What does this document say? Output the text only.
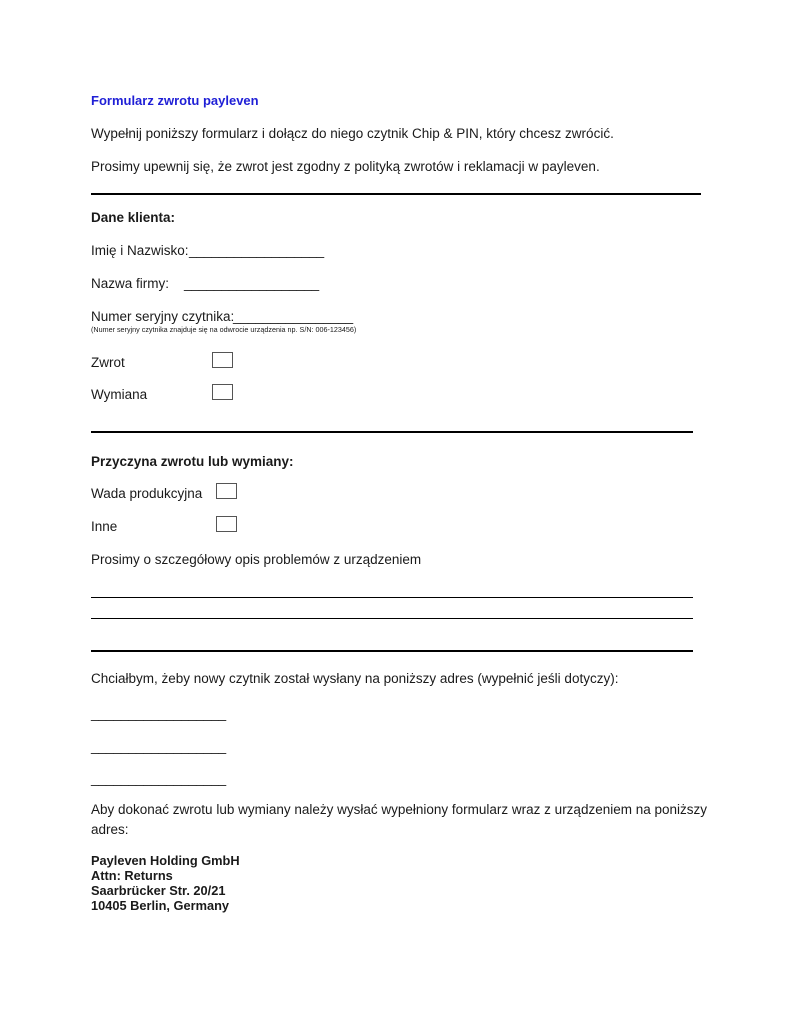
Formularz zwrotu payleven
Wypełnij poniższy formularz i dołącz do niego czytnik Chip & PIN, który chcesz zwrócić.
Prosimy upewnij się, że zwrot jest zgodny z polityką zwrotów i reklamacji w payleven.
Dane klienta:
Imię i Nazwisko: __________________
Nazwa firmy: __________________
Numer seryjny czytnika:
________________
(Numer seryjny czytnika znajduje się na odwrocie urządzenia np. S/N: 006-123456)
Zwrot
Wymiana
Przyczyna zwrotu lub wymiany:
Wada produkcyjna
Inne
Prosimy o szczegółowy opis problemów z urządzeniem
Chciałbym, żeby nowy czytnik został wysłany na poniższy adres (wypełnić jeśli dotyczy):
__________________
__________________
__________________
Aby dokonać zwrotu lub wymiany należy wysłać wypełniony formularz wraz z urządzeniem na poniższy
adres:
Payleven Holding GmbH
Attn: Returns
Saarbrücker Str. 20/21
10405 Berlin, Germany
